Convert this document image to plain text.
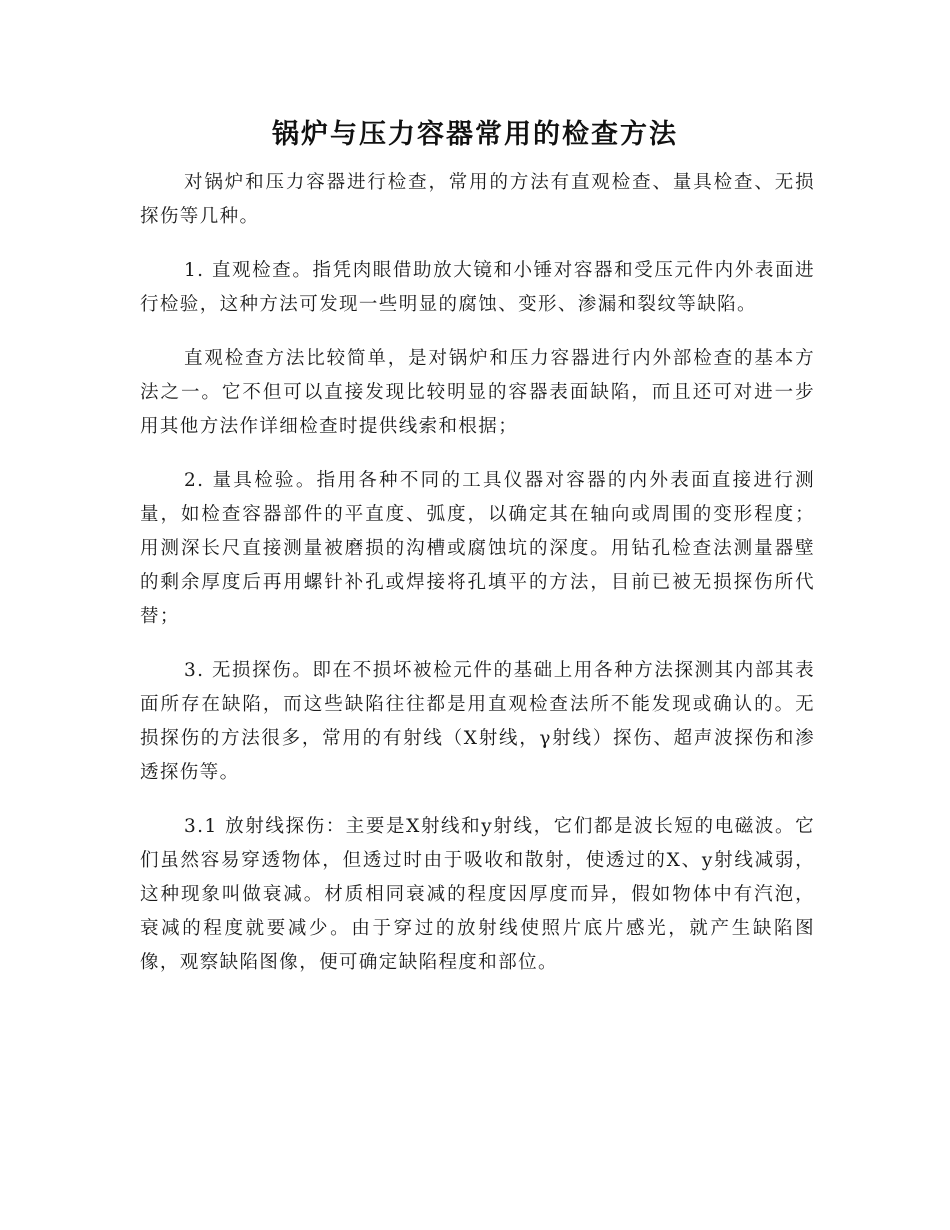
锅炉与压力容器常用的检查方法

对锅炉和压力容器进行检查，常用的方法有直观检查、量具检查、无损探伤等几种。

1. 直观检查。指凭肉眼借助放大镜和小锤对容器和受压元件内外表面进行检验，这种方法可发现一些明显的腐蚀、变形、渗漏和裂纹等缺陷。

直观检查方法比较简单，是对锅炉和压力容器进行内外部检查的基本方法之一。它不但可以直接发现比较明显的容器表面缺陷，而且还可对进一步用其他方法作详细检查时提供线索和根据；

2. 量具检验。指用各种不同的工具仪器对容器的内外表面直接进行测量，如检查容器部件的平直度、弧度，以确定其在轴向或周围的变形程度；用测深长尺直接测量被磨损的沟槽或腐蚀坑的深度。用钻孔检查法测量器壁的剩余厚度后再用螺针补孔或焊接将孔填平的方法，目前已被无损探伤所代替；

3. 无损探伤。即在不损坏被检元件的基础上用各种方法探测其内部其表面所存在缺陷，而这些缺陷往往都是用直观检查法所不能发现或确认的。无损探伤的方法很多，常用的有射线（X射线，γ射线）探伤、超声波探伤和渗透探伤等。

3.1 放射线探伤：主要是X射线和y射线，它们都是波长短的电磁波。它们虽然容易穿透物体，但透过时由于吸收和散射，使透过的X、y射线减弱，这种现象叫做衰减。材质相同衰减的程度因厚度而异，假如物体中有汽泡，衰减的程度就要减少。由于穿过的放射线使照片底片感光，就产生缺陷图像，观察缺陷图像，便可确定缺陷程度和部位。
